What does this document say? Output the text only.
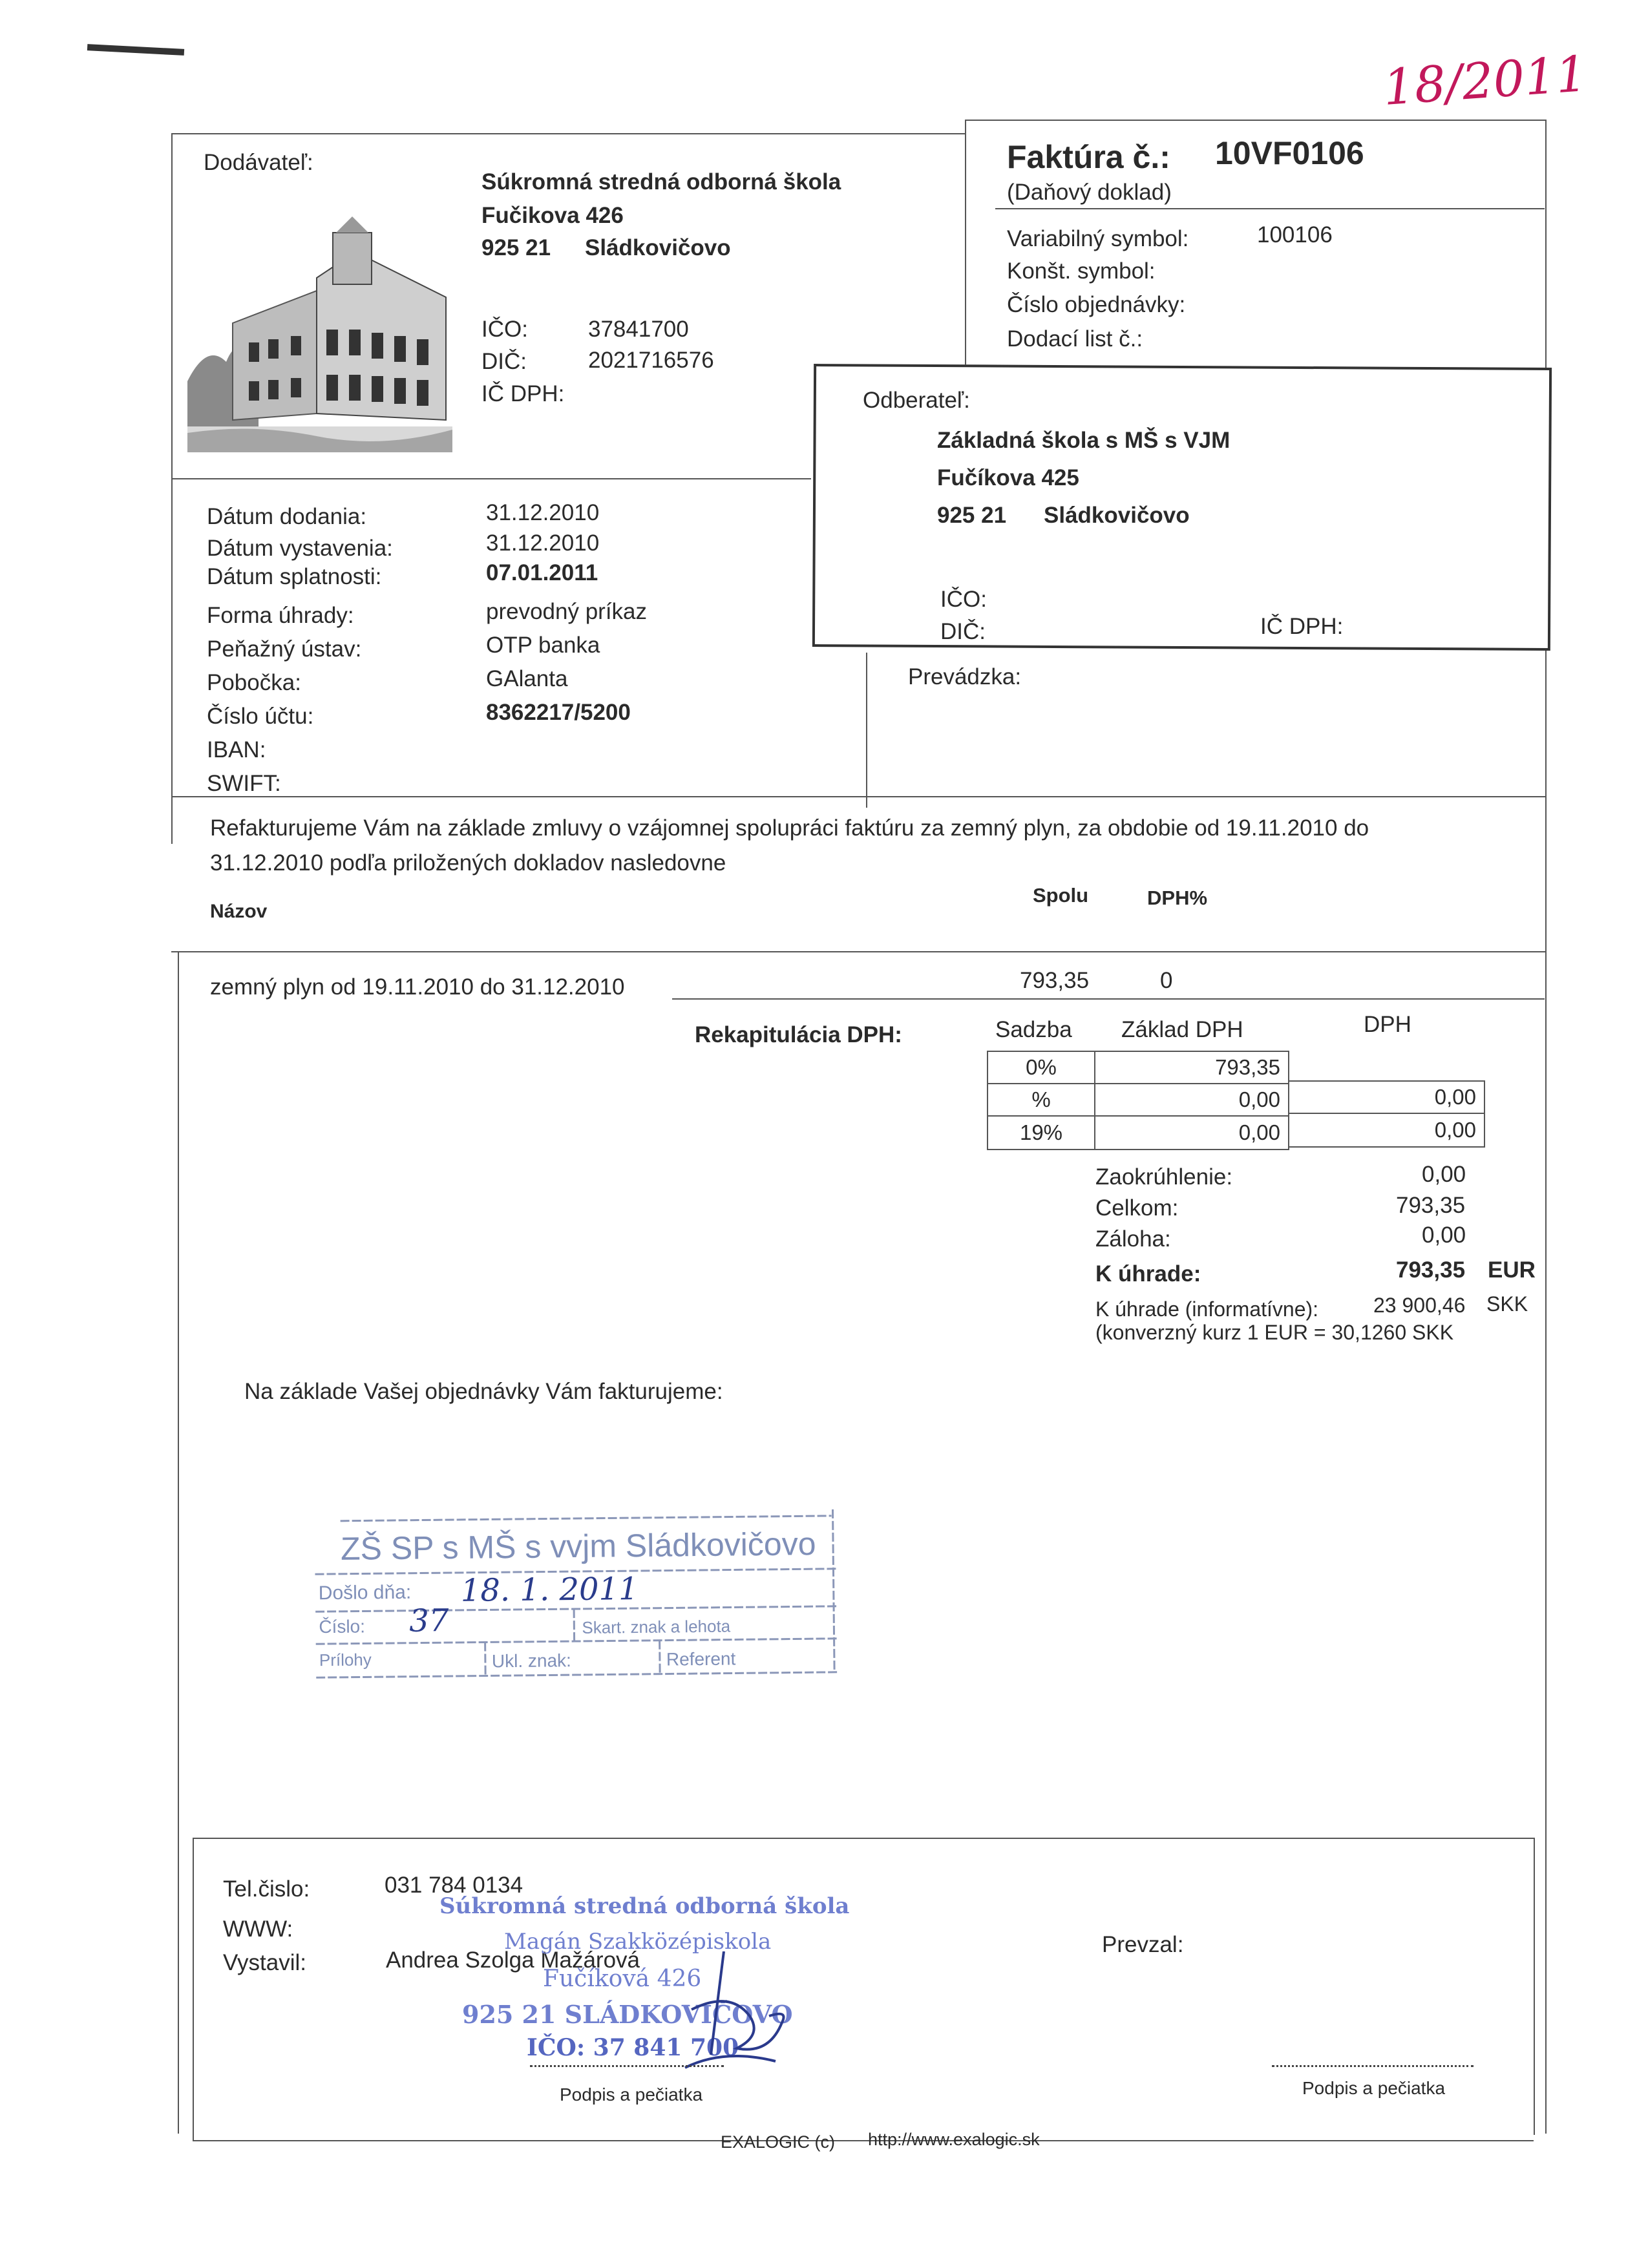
18/2011
Dodávateľ:
Súkromná stredná odborná škola
Fučikova 426
925 21 Sládkovičovo
IČO:	37841700
DIČ:	2021716576
IČ DPH:
Faktúra č.: 10VF0106
(Daňový doklad)
Variabilný symbol:	100106
Konšt. symbol:
Číslo objednávky:
Dodací list č.:
Odberateľ:
Základná škola s MŠ s VJM
Fučíkova 425
925 21 Sládkovičovo
IČO:
DIČ:	IČ DPH:
Prevádzka:
Dátum dodania:	31.12.2010
Dátum vystavenia:	31.12.2010
Dátum splatnosti:	07.01.2011
Forma úhrady:	prevodný príkaz
Peňažný ústav:	OTP banka
Pobočka:	GAlanta
Číslo účtu:	8362217/5200
IBAN:
SWIFT:
Refakturujeme Vám na základe zmluvy o vzájomnej spolupráci faktúru za zemný plyn, za obdobie od 19.11.2010 do
31.12.2010 podľa priložených dokladov nasledovne
Názov
Spolu	DPH%
zemný plyn od 19.11.2010 do 31.12.2010	793,35	0
Rekapitulácia DPH:	Sadzba Základ DPH	DPH
0%	793,35
%	0,00	0,00
19%	0,00	0,00
Zaokrúhlenie:	0,00
Celkom:	793,35
Záloha:	0,00
K úhrade:	793,35 EUR
K úhrade (informatívne):	23 900,46 SKK
(konverzný kurz 1 EUR = 30,1260 SKK
Na základe Vašej objednávky Vám fakturujeme:
ZŠ SP s MŠ s vvjm Sládkovičovo
Došlo dňa: 18. 1. 2011
Číslo: 37	Skart. znak a lehota
Prílohy	Ukl. znak:	Referent
Tel.čislo:	031 784 0134
WWW:
Vystavil:	Andrea Szolga Mažárová
Prevzal:
Súkromná stredná odborná škola
Magán Szakközépiskola
Fučíková 426
925 21 SLÁDKOVIČOVO
IČO: 37 841 700
Podpis a pečiatka	Podpis a pečiatka
EXALOGIC (c) http://www.exalogic.sk
